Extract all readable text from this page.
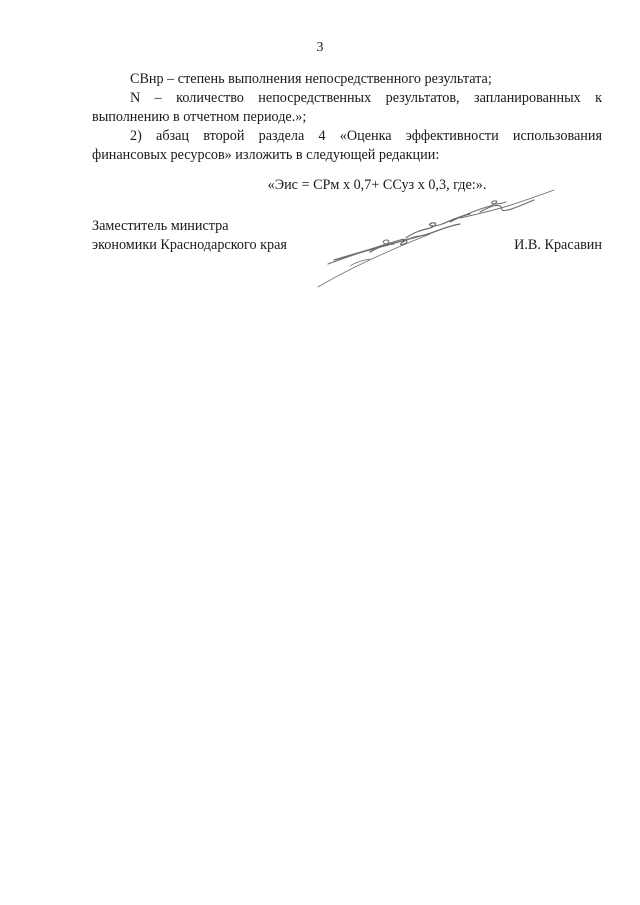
3

СВнр – степень выполнения непосредственного результата;

N – количество непосредственных результатов, запланированных к выполнению в отчетном периоде.»;

2) абзац второй раздела 4 «Оценка эффективности использования финансовых ресурсов» изложить в следующей редакции:

«Эис = СРм x 0,7+ ССуз x 0,3, где:».

Заместитель министра
экономики Краснодарского края	И.В. Красавин
